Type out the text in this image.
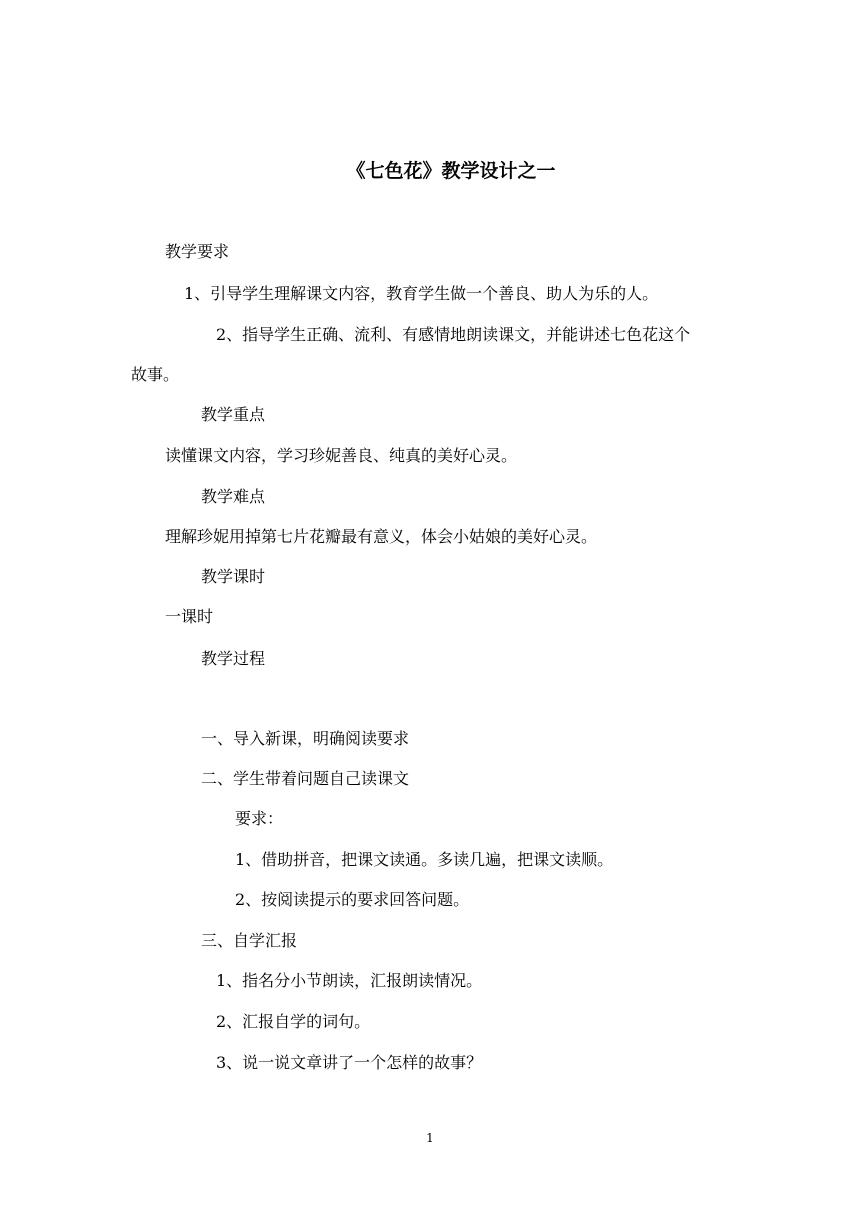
《七色花》教学设计之一
教学要求
1、引导学生理解课文内容，教育学生做一个善良、助人为乐的人。
2、指导学生正确、流利、有感情地朗读课文，并能讲述七色花这个
故事。
教学重点
读懂课文内容，学习珍妮善良、纯真的美好心灵。
教学难点
理解珍妮用掉第七片花瓣最有意义，体会小姑娘的美好心灵。
教学课时
一课时
教学过程
一、导入新课，明确阅读要求
二、学生带着问题自己读课文
要求：
1、借助拼音，把课文读通。多读几遍，把课文读顺。
2、按阅读提示的要求回答问题。
三、自学汇报
1、指名分小节朗读，汇报朗读情况。
2、汇报自学的词句。
3、说一说文章讲了一个怎样的故事？
1
